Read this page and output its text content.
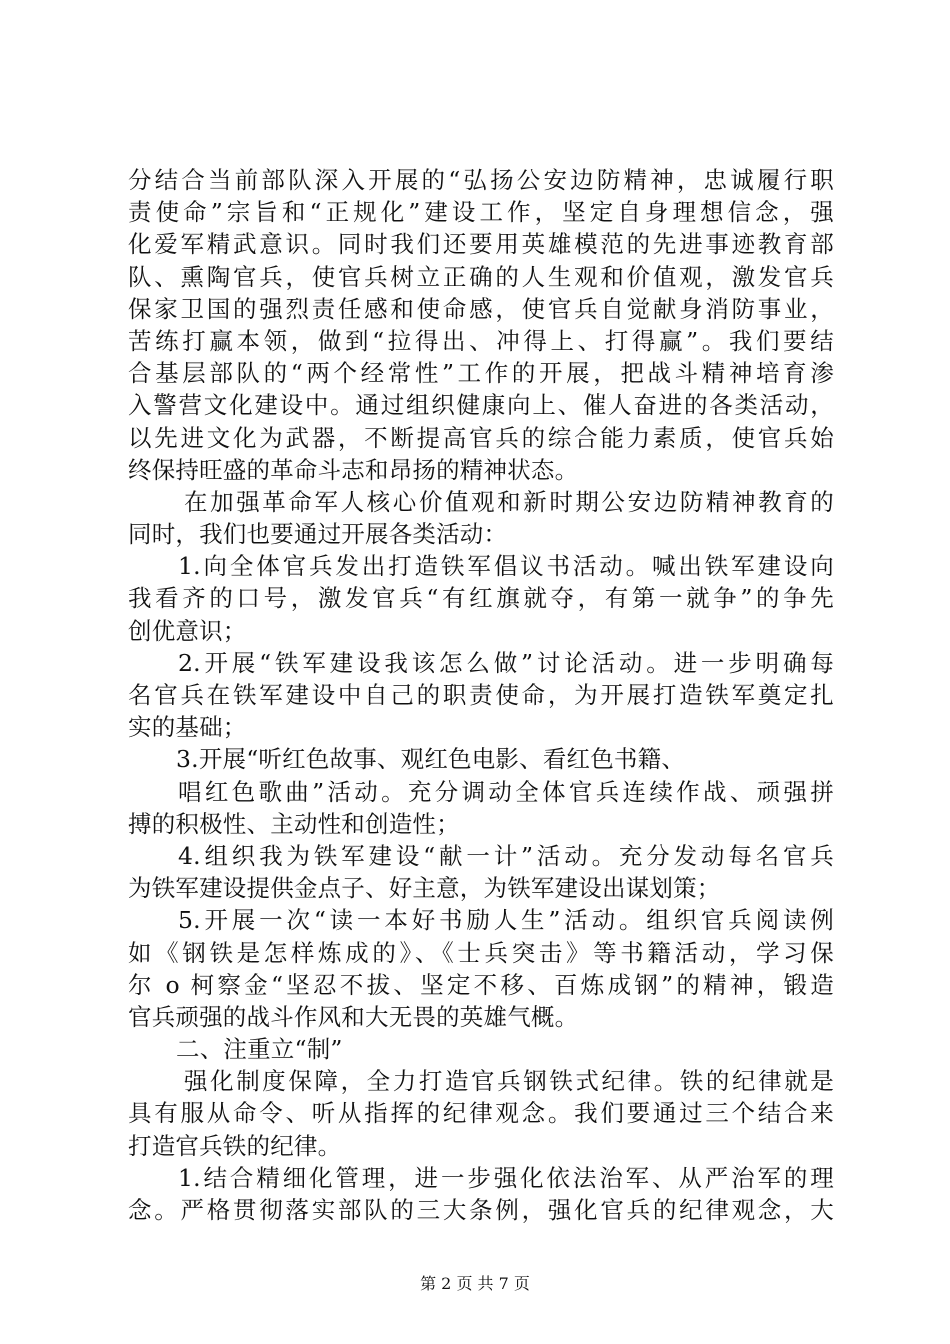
分结合当前部队深入开展的“弘扬公安边防精神，忠诚履行职
责使命”宗旨和“正规化”建设工作，坚定自身理想信念，强
化爱军精武意识。同时我们还要用英雄模范的先进事迹教育部
队、熏陶官兵，使官兵树立正确的人生观和价值观，激发官兵
保家卫国的强烈责任感和使命感，使官兵自觉献身消防事业，
苦练打赢本领，做到“拉得出、冲得上、打得赢”。我们要结
合基层部队的“两个经常性”工作的开展，把战斗精神培育渗
入警营文化建设中。通过组织健康向上、催人奋进的各类活动，
以先进文化为武器，不断提高官兵的综合能力素质，使官兵始
终保持旺盛的革命斗志和昂扬的精神状态。
在加强革命军人核心价值观和新时期公安边防精神教育的
同时，我们也要通过开展各类活动：
1.向全体官兵发出打造铁军倡议书活动。喊出铁军建设向
我看齐的口号，激发官兵“有红旗就夺，有第一就争”的争先
创优意识；
2.开展“铁军建设我该怎么做”讨论活动。进一步明确每
名官兵在铁军建设中自己的职责使命，为开展打造铁军奠定扎
实的基础；
3.开展“听红色故事、观红色电影、看红色书籍、
唱红色歌曲”活动。充分调动全体官兵连续作战、顽强拼
搏的积极性、主动性和创造性；
4.组织我为铁军建设“献一计”活动。充分发动每名官兵
为铁军建设提供金点子、好主意，为铁军建设出谋划策；
5.开展一次“读一本好书励人生”活动。组织官兵阅读例
如《钢铁是怎样炼成的》、《士兵突击》等书籍活动，学习保
尔 o 柯察金“坚忍不拔、坚定不移、百炼成钢”的精神，锻造
官兵顽强的战斗作风和大无畏的英雄气概。
二、注重立“制”
强化制度保障，全力打造官兵钢铁式纪律。铁的纪律就是
具有服从命令、听从指挥的纪律观念。我们要通过三个结合来
打造官兵铁的纪律。
1.结合精细化管理，进一步强化依法治军、从严治军的理
念。严格贯彻落实部队的三大条例，强化官兵的纪律观念，大
第 2 页 共 7 页
